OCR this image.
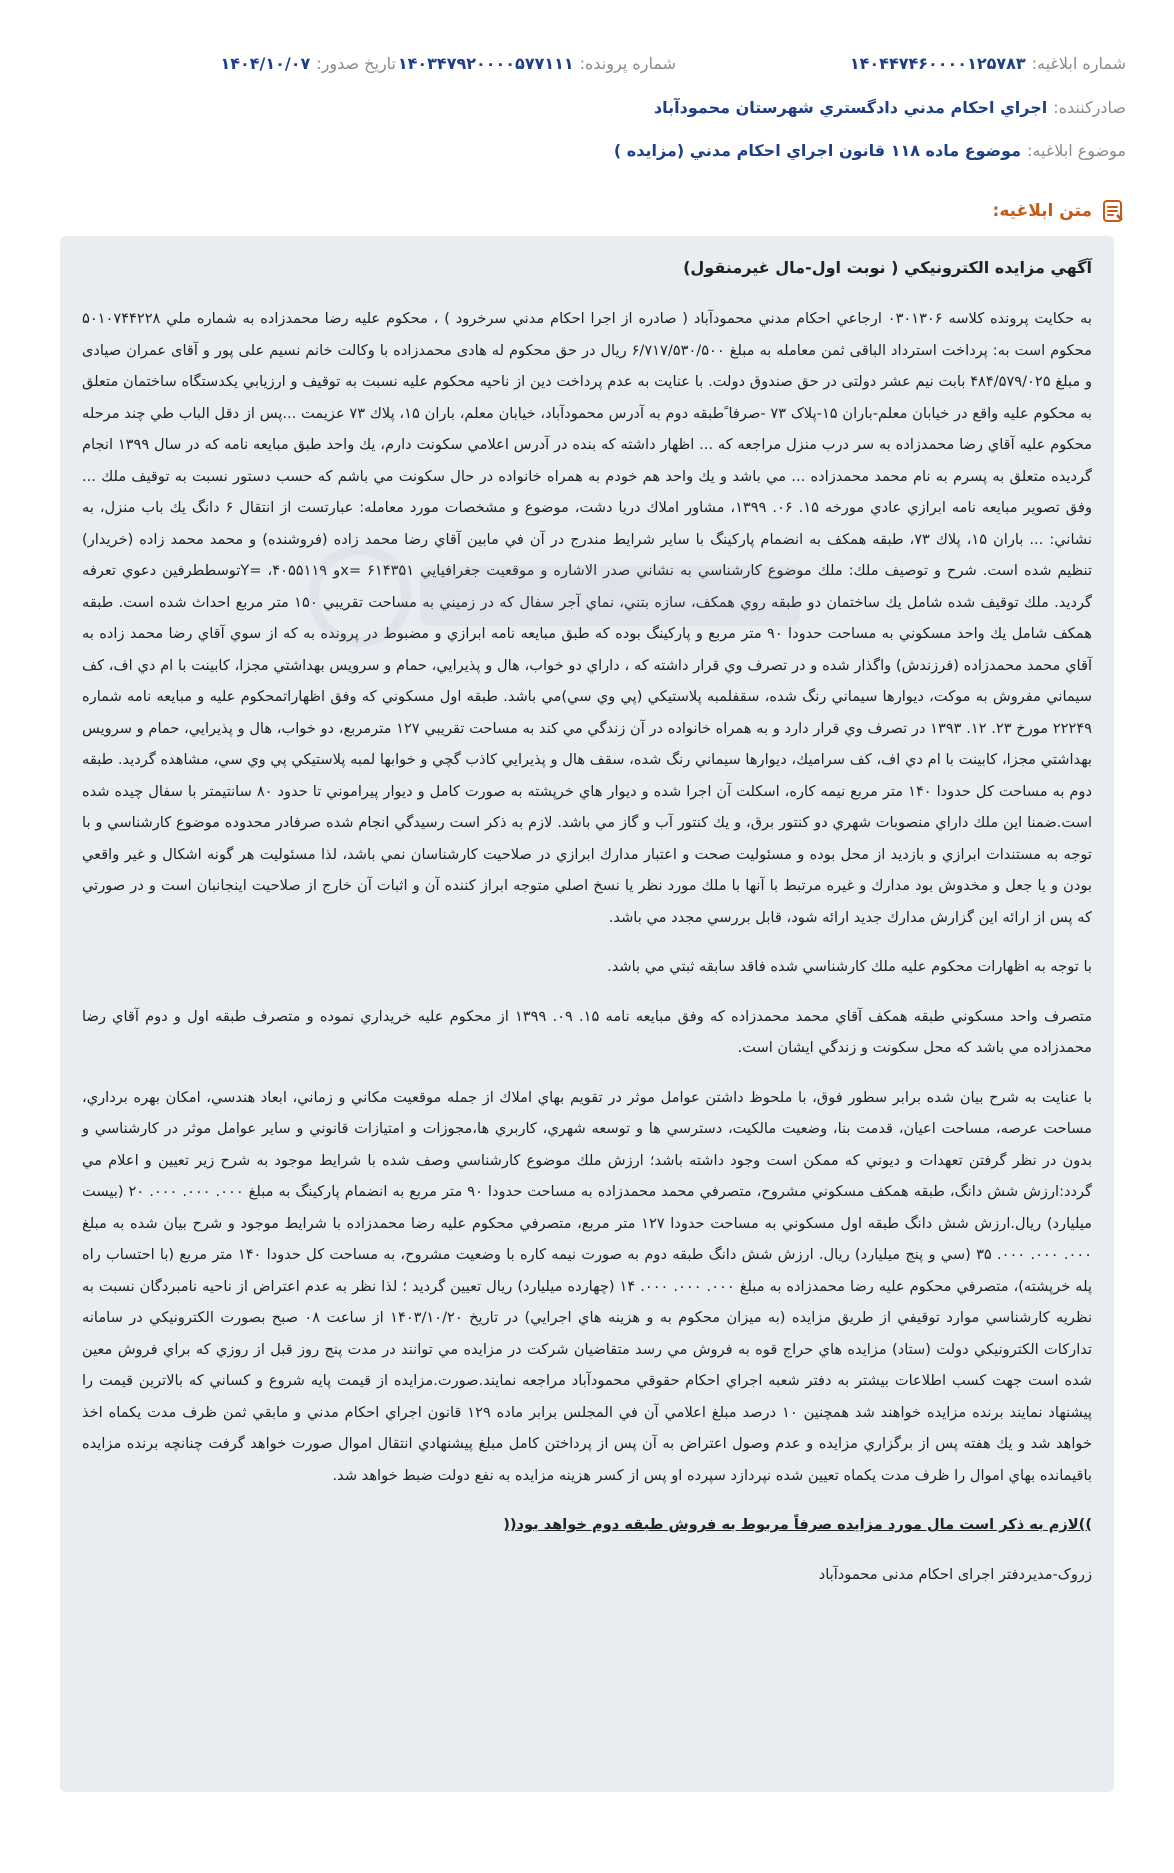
شماره ابلاغيه:
۱۴۰۴۴۷۴۶۰۰۰۰۱۲۵۷۸۳
شماره پرونده:
۱۴۰۳۴۷۹۲۰۰۰۰۵۷۷۱۱۱
تاريخ صدور:
۱۴۰۴/۱۰/۰۷
صادرکننده:
اجراي احكام مدني دادگستري شهرستان محمودآباد
موضوع ابلاغيه:
موضوع ماده ۱۱۸ قانون اجراي احكام مدني (مزايده )
متن ابلاغيه:

آگهي مزايده الكترونيكي ( نوبت اول-مال غيرمنقول)

به حكايت پرونده كلاسه ۰۳۰۱۳۰۶ ارجاعي احكام مدني محمودآباد ( صادره از اجرا احكام مدني سرخرود ) ، محکوم علیه رضا محمدزاده به شماره ملي ۵۰۱۰۷۴۴۲۲۸ محکوم است به: پرداخت استرداد الباقی ثمن معامله به مبلغ ۶/۷۱۷/۵۳۰/۵۰۰ ریال در حق محکوم له هادی محمدزاده با وکالت خانم نسیم علی پور و آقای عمران صیادی و مبلغ ۴۸۴/۵۷۹/۰۲۵ بابت نیم عشر دولتی در حق صندوق دولت. با عنايت به عدم پرداخت دين از ناحيه محكوم عليه نسبت به توقيف و ارزيابي يكدستگاه ساختمان متعلق به محكوم عليه واقع در خيابان معلم-باران ۱۵-پلاک ۷۳ -صرفا ًطبقه دوم به آدرس محمودآباد، خيابان معلم، باران ۱۵، پلاك ۷۳ عزيمت ...پس از دقل الباب طي چند مرحله محكوم عليه آقاي رضا محمدزاده به سر درب منزل مراجعه كه ... اظهار داشته كه بنده در آدرس اعلامي سكونت دارم، يك واحد طبق مبايعه نامه كه در سال ۱۳۹۹ انجام گرديده متعلق به پسرم به نام محمد محمدزاده ... مي باشد و يك واحد هم خودم به همراه خانواده در حال سكونت مي باشم كه حسب دستور نسبت به توقيف ملك ... وفق تصوير مبايعه نامه ابرازي عادي مورخه ۱۵. ۰۶. ۱۳۹۹، مشاور املاك دريا دشت، موضوع و مشخصات مورد معامله: عبارتست از انتقال ۶ دانگ يك باب منزل، به نشاني: ... باران ۱۵، پلاك ۷۳، طبقه همكف به انضمام پاركينگ با ساير شرايط مندرج در آن في مابين آقاي رضا محمد زاده (فروشنده) و محمد محمد زاده (خريدار) تنظيم شده است. شرح و توصيف ملك: ملك موضوع كارشناسي به نشاني صدر الاشاره و موقعيت جغرافيايي ۶۱۴۳۵۱ =xو ۴۰۵۵۱۱۹، =Yتوسططرفين دعوي تعرفه گرديد. ملك توقيف شده شامل يك ساختمان دو طبقه روي همكف، سازه بتني، نماي آجر سفال كه در زميني به مساحت تقريبي ۱۵۰ متر مربع احداث شده است. طبقه همكف شامل يك واحد مسكوني به مساحت حدودا ۹۰ متر مربع و پاركينگ بوده كه طبق مبايعه نامه ابرازي و مضبوط در پرونده به كه از سوي آقاي رضا محمد زاده به آقاي محمد محمدزاده (فرزندش) واگذار شده و در تصرف وي قرار داشته كه ، داراي دو خواب، هال و پذيرايي، حمام و سرويس بهداشتي مجزا، كابينت با ام دي اف، كف سيماني مفروش به موكت، ديوارها سيماني رنگ شده، سقفلمبه پلاستيكي (پي وي سي)مي باشد. طبقه اول مسكوني كه وفق اظهاراتمحكوم عليه و مبايعه نامه شماره ۲۲۲۴۹ مورخ ۲۳. ۱۲. ۱۳۹۳ در تصرف وي قرار دارد و به همراه خانواده در آن زندگي مي كند به مساحت تقريبي ۱۲۷ مترمربع، دو خواب، هال و پذيرايي، حمام و سرويس بهداشتي مجزا، كابينت با ام دي اف، كف سراميك، ديوارها سيماني رنگ شده، سقف هال و پذيرايي كاذب گچي و خوابها لمبه پلاستيكي پي وي سي، مشاهده گرديد. طبقه دوم به مساحت كل حدودا ۱۴۰ متر مربع نيمه كاره، اسكلت آن اجرا شده و ديوار هاي خرپشته به صورت كامل و ديوار پيراموني تا حدود ۸۰ سانتيمتر با سفال چيده شده است.ضمنا اين ملك داراي منصوبات شهري دو كنتور برق، و يك كنتور آب و گاز مي باشد. لازم به ذكر است رسيدگي انجام شده صرفادر محدوده موضوع كارشناسي و با توجه به مستندات ابرازي و بازديد از محل بوده و مسئوليت صحت و اعتبار مدارك ابرازي در صلاحيت كارشناسان نمي باشد، لذا مسئوليت هر گونه اشكال و غير واقعي بودن و يا جعل و مخدوش بود مدارك و غيره مرتبط با آنها با ملك مورد نظر يا نسخ اصلي متوجه ابراز كننده آن و اثبات آن خارج از صلاحيت اينجانبان است و در صورتي كه پس از ارائه اين گزارش مدارك جديد ارائه شود، قابل بررسي مجدد مي باشد.

با توجه به اظهارات محكوم عليه ملك كارشناسي شده فاقد سابقه ثبتي مي باشد.

متصرف واحد مسكوني طبقه همكف آقاي محمد محمدزاده كه وفق مبايعه نامه ۱۵. ۰۹. ۱۳۹۹ از محكوم عليه خريداري نموده و متصرف طبقه اول و دوم آقاي رضا محمدزاده مي باشد كه محل سكونت و زندگي ايشان است.

با عنايت به شرح بيان شده برابر سطور فوق، با ملحوظ داشتن عوامل موثر در تقويم بهاي املاك از جمله موقعيت مكاني و زماني، ابعاد هندسي، امكان بهره برداري، مساحت عرصه، مساحت اعيان، قدمت بنا، وضعيت مالكيت، دسترسي ها و توسعه شهري، كاربري ها،مجوزات و امتيازات قانوني و ساير عوامل موثر در كارشناسي و بدون در نظر گرفتن تعهدات و ديوني كه ممكن است وجود داشته باشد؛ ارزش ملك موضوع كارشناسي وصف شده با شرايط موجود به شرح زير تعيين و اعلام مي گردد:ارزش شش دانگ، طبقه همكف مسكوني مشروح، متصرفي محمد محمدزاده به مساحت حدودا ۹۰ متر مربع به انضمام پاركينگ به مبلغ ۰۰۰. ۰۰۰. ۰۰۰. ۲۰ (بيست ميليارد) ريال.ارزش شش دانگ طبقه اول مسكوني به مساحت حدودا ۱۲۷ متر مربع، متصرفي محكوم عليه رضا محمدزاده با شرايط موجود و شرح بيان شده به مبلغ ۰۰۰. ۰۰۰. ۰۰۰. ۳۵ (سي و پنج ميليارد) ريال. ارزش شش دانگ طبقه دوم به صورت نيمه كاره با وضعيت مشروح، به مساحت كل حدودا ۱۴۰ متر مربع (با احتساب راه پله خرپشته)، متصرفي محكوم عليه رضا محمدزاده به مبلغ ۰۰۰. ۰۰۰. ۰۰۰. ۱۴ (چهارده ميليارد) ريال تعيين گرديد ؛ لذا نظر به عدم اعتراض از ناحيه نامبردگان نسبت به نظريه كارشناسي موارد توقيفي از طريق مزايده (به ميزان محكوم به و هزينه هاي اجرايي) در تاريخ ۱۴۰۳/۱۰/۲۰ از ساعت ۰۸ صبح بصورت الكترونيكي در سامانه تداركات الكترونيكي دولت (ستاد) مزايده هاي حراج قوه به فروش مي رسد متقاضيان شركت در مزايده مي توانند در مدت پنج روز قبل از روزي كه براي فروش معين شده است جهت كسب اطلاعات بيشتر به دفتر شعبه اجراي احكام حقوقي محمودآباد مراجعه نمايند.صورت.مزايده از قيمت پايه شروع و كساني كه بالاترين قيمت را پيشنهاد نمايند برنده مزايده خواهند شد همچنين ۱۰ درصد مبلغ اعلامي آن في المجلس برابر ماده ۱۲۹ قانون اجراي احكام مدني و مابقي ثمن ظرف مدت يكماه اخذ خواهد شد و يك هفته پس از برگزاري مزايده و عدم وصول اعتراض به آن پس از پرداختن كامل مبلغ پيشنهادي انتقال اموال صورت خواهد گرفت چنانچه برنده مزايده باقيمانده بهاي اموال را ظرف مدت يكماه تعيين شده نپردازد سپرده او پس از كسر هزينه مزايده به نفع دولت ضبط خواهد شد.

))لازم به ذکر است مال مورد مزایده صرفاً مربوط به فروش طبقه دوم خواهد بود((

زروک-مدیردفتر اجرای احکام مدنی محمودآباد
